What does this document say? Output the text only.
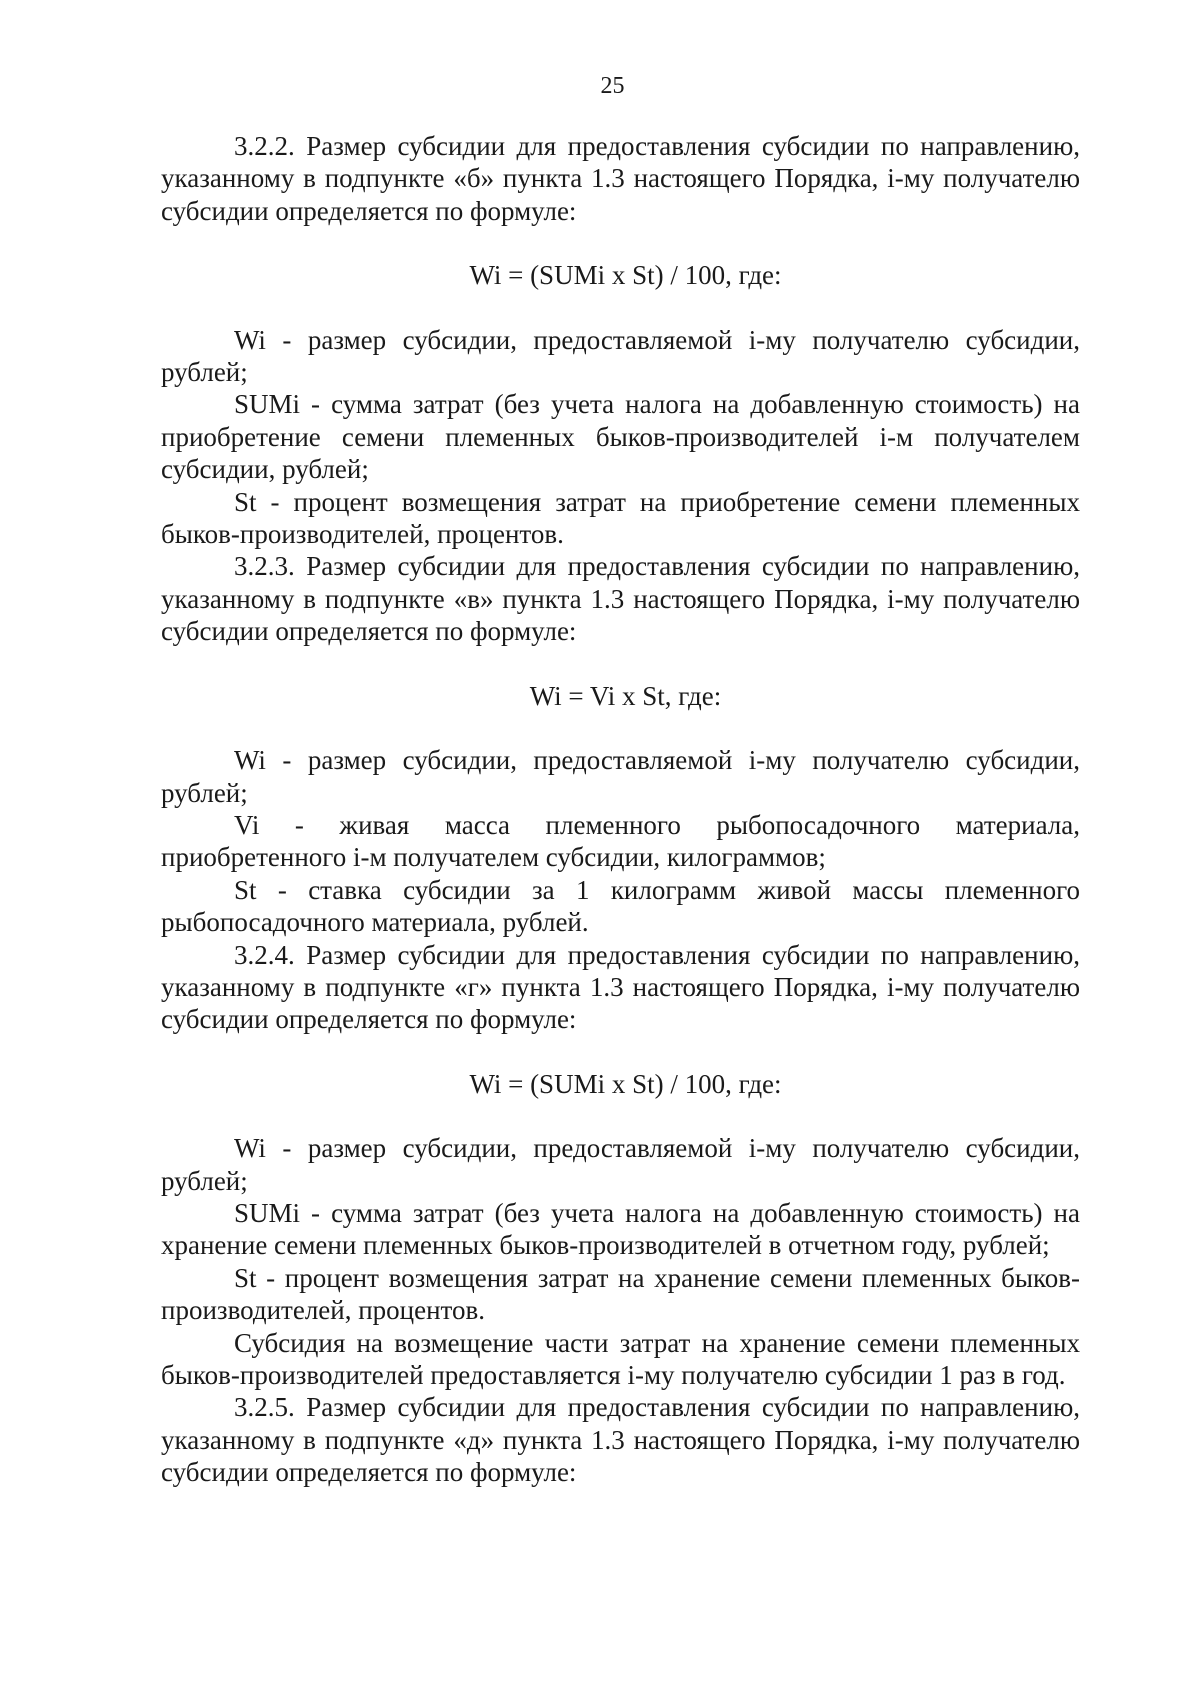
25

3.2.2. Размер субсидии для предоставления субсидии по направлению, указанному в подпункте «б» пункта 1.3 настоящего Порядка, i-му получателю субсидии определяется по формуле:

Wi = (SUMi x St) / 100, где:

Wi - размер субсидии, предоставляемой i-му получателю субсидии, рублей;

SUMi - сумма затрат (без учета налога на добавленную стоимость) на приобретение семени племенных быков-производителей i-м получателем субсидии, рублей;

St - процент возмещения затрат на приобретение семени племенных быков-производителей, процентов.

3.2.3. Размер субсидии для предоставления субсидии по направлению, указанному в подпункте «в» пункта 1.3 настоящего Порядка, i-му получателю субсидии определяется по формуле:

Wi = Vi x St, где:

Wi - размер субсидии, предоставляемой i-му получателю субсидии, рублей;

Vi - живая масса племенного рыбопосадочного материала, приобретенного i-м получателем субсидии, килограммов;

St - ставка субсидии за 1 килограмм живой массы племенного рыбопосадочного материала, рублей.

3.2.4. Размер субсидии для предоставления субсидии по направлению, указанному в подпункте «г» пункта 1.3 настоящего Порядка, i-му получателю субсидии определяется по формуле:

Wi = (SUMi x St) / 100, где:

Wi - размер субсидии, предоставляемой i-му получателю субсидии, рублей;

SUMi - сумма затрат (без учета налога на добавленную стоимость) на хранение семени племенных быков-производителей в отчетном году, рублей;

St - процент возмещения затрат на хранение семени племенных быков-производителей, процентов.

Субсидия на возмещение части затрат на хранение семени племенных быков-производителей предоставляется i-му получателю субсидии 1 раз в год.

3.2.5. Размер субсидии для предоставления субсидии по направлению, указанному в подпункте «д» пункта 1.3 настоящего Порядка, i-му получателю субсидии определяется по формуле:
